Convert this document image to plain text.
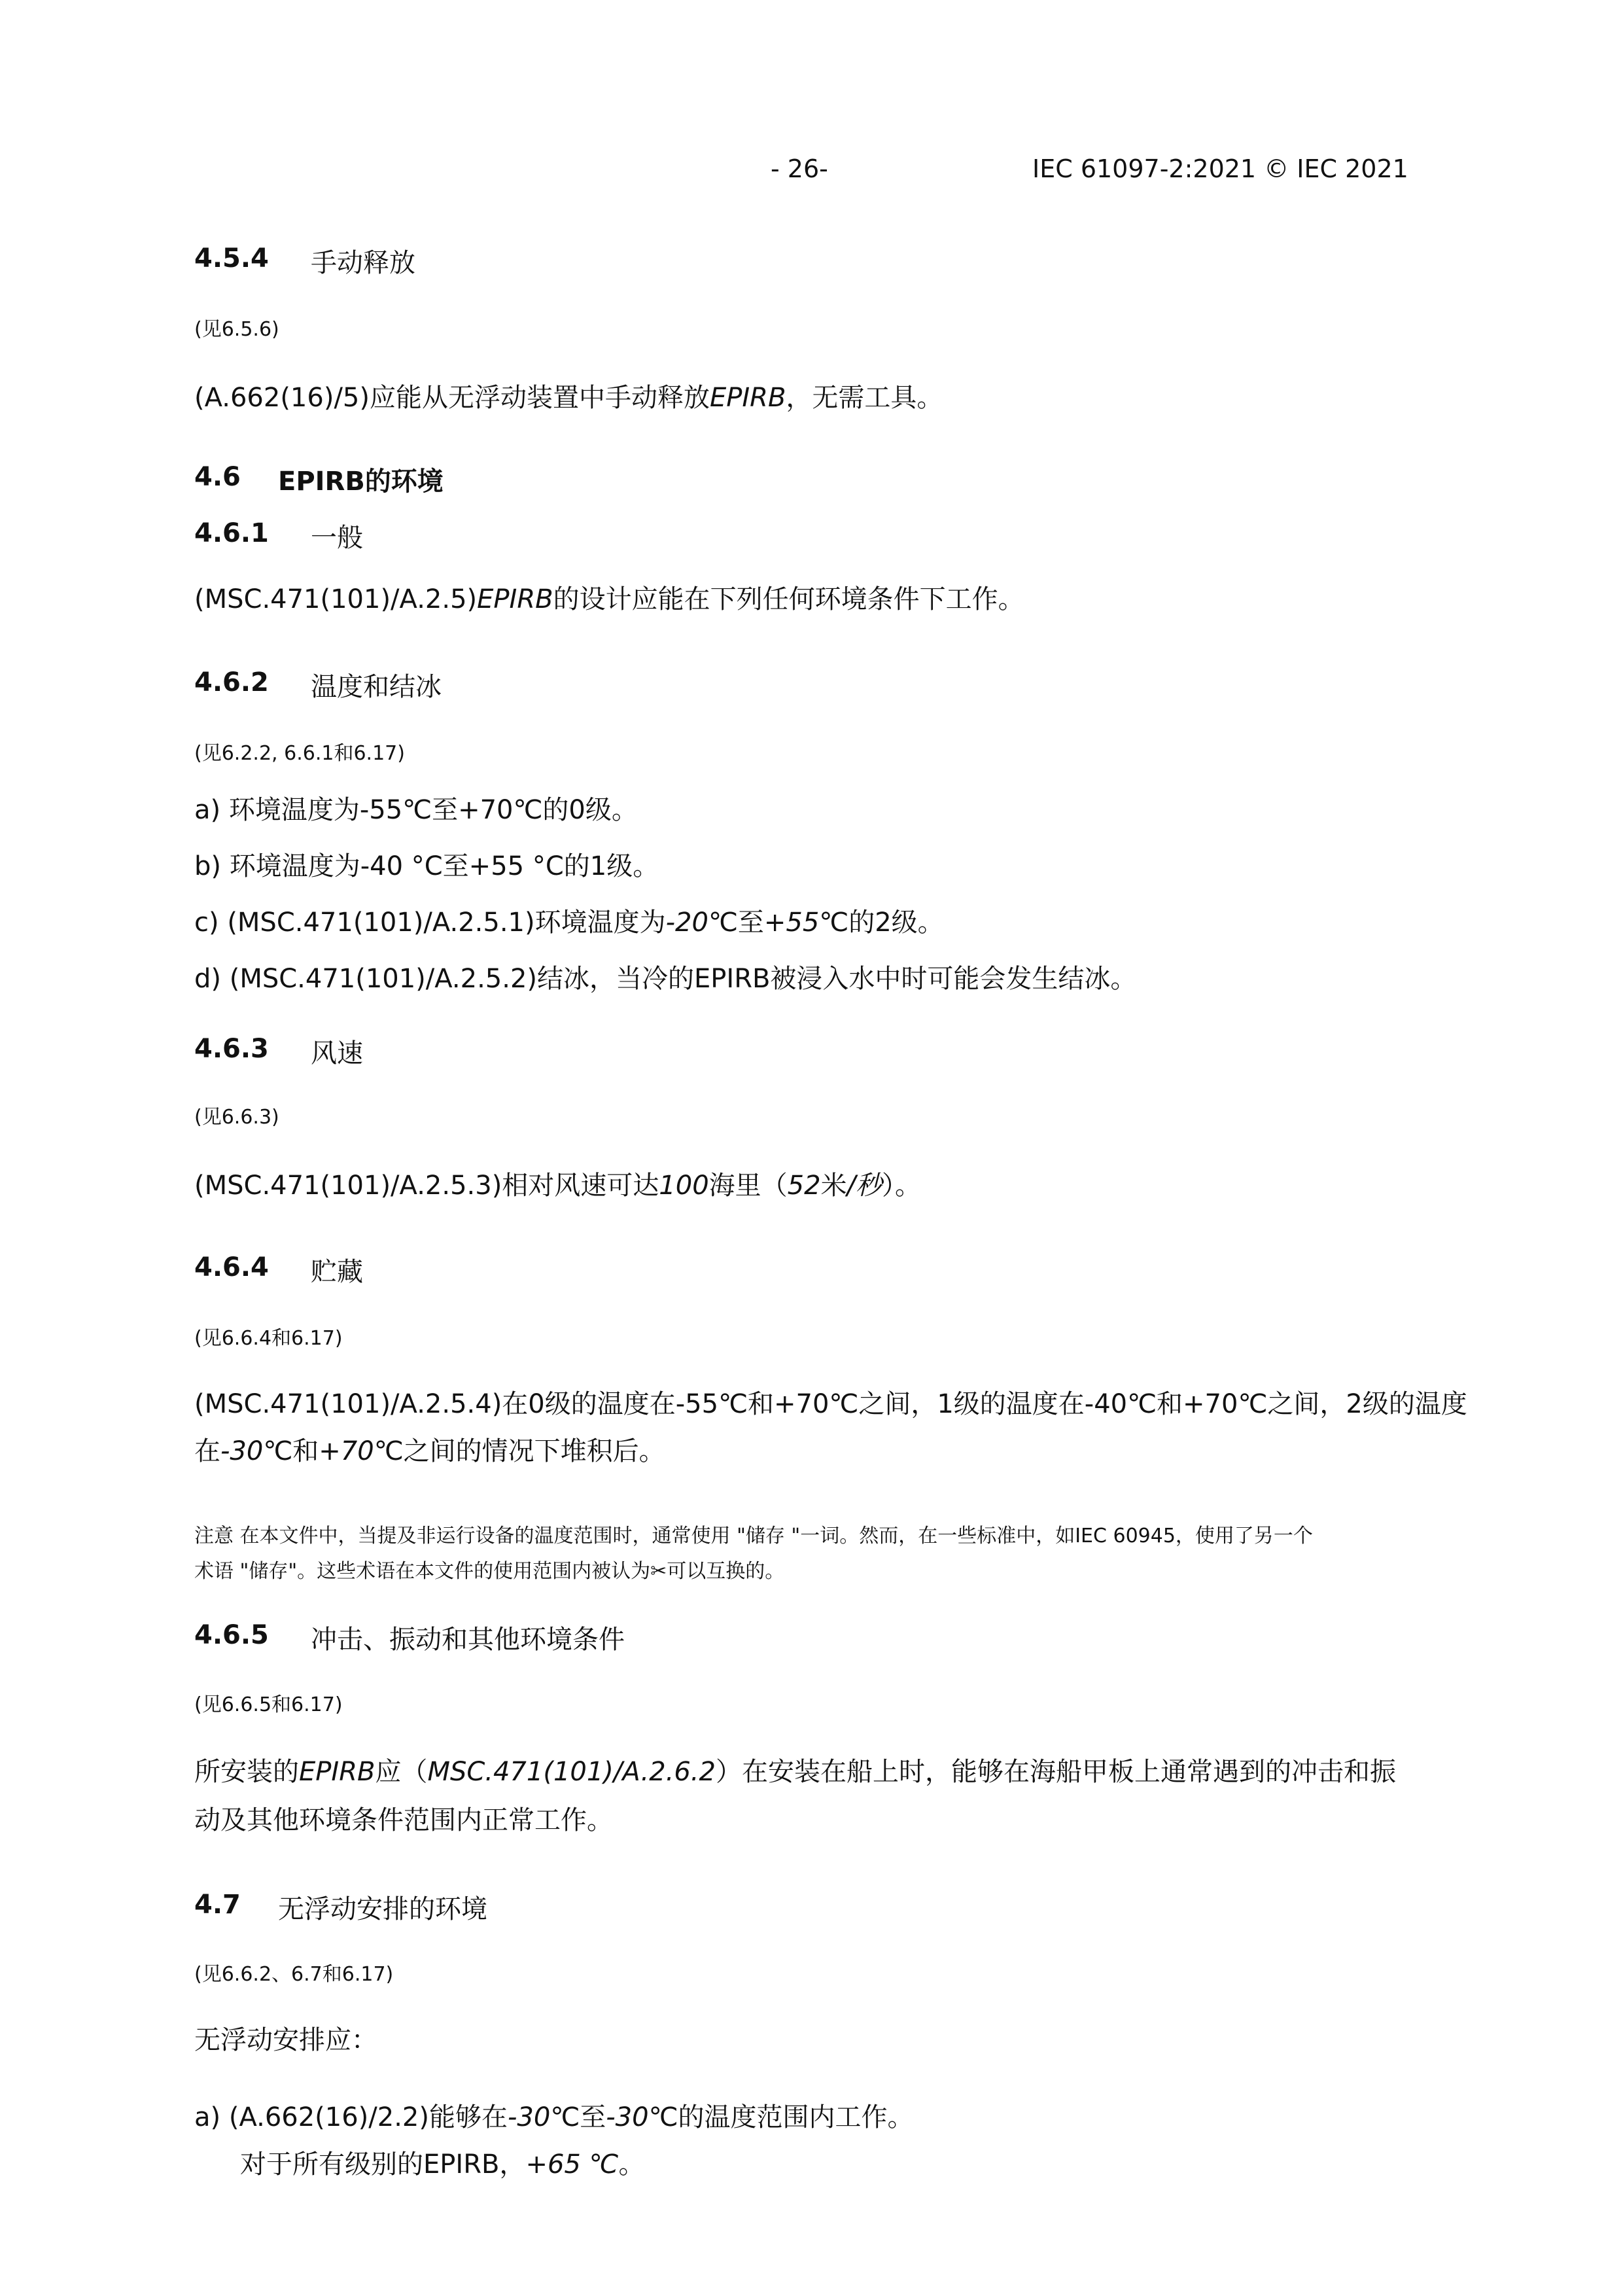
- 26-	IEC 61097-2:2021 © IEC 2021
4.5.4 手动释放
(见6.5.6)
(A.662(16)/5)应能从无浮动装置中手动释放EPIRB，无需工具。
4.6 EPIRB的环境
4.6.1 一般
(MSC.471(101)/A.2.5)EPIRB的设计应能在下列任何环境条件下工作。
4.6.2 温度和结冰
(见6.2.2, 6.6.1和6.17)
a) 环境温度为-55℃至+70℃的0级。
b) 环境温度为-40 °C至+55 °C的1级。
c) (MSC.471(101)/A.2.5.1)环境温度为-20℃至+55℃的2级。
d) (MSC.471(101)/A.2.5.2)结冰，当冷的EPIRB被浸入水中时可能会发生结冰。
4.6.3 风速
(见6.6.3)
(MSC.471(101)/A.2.5.3)相对风速可达100海里（52米/秒）。
4.6.4 贮藏
(见6.6.4和6.17)
(MSC.471(101)/A.2.5.4)在0级的温度在-55℃和+70℃之间，1级的温度在-40℃和+70℃之间，2级的温度
在-30℃和+70℃之间的情况下堆积后。
注意 在本文件中，当提及非运行设备的温度范围时，通常使用 "储存 "一词。然而，在一些标准中，如IEC 60945，使用了另一个
术语 "储存"。这些术语在本文件的使用范围内被认为✂可以互换的。
4.6.5 冲击、振动和其他环境条件
(见6.6.5和6.17)
所安装的EPIRB应（MSC.471(101)/A.2.6.2）在安装在船上时，能够在海船甲板上通常遇到的冲击和振
动及其他环境条件范围内正常工作。
4.7 无浮动安排的环境
(见6.6.2、6.7和6.17)
无浮动安排应：
a) (A.662(16)/2.2)能够在-30℃至-30℃的温度范围内工作。
对于所有级别的EPIRB，+65 ℃。
